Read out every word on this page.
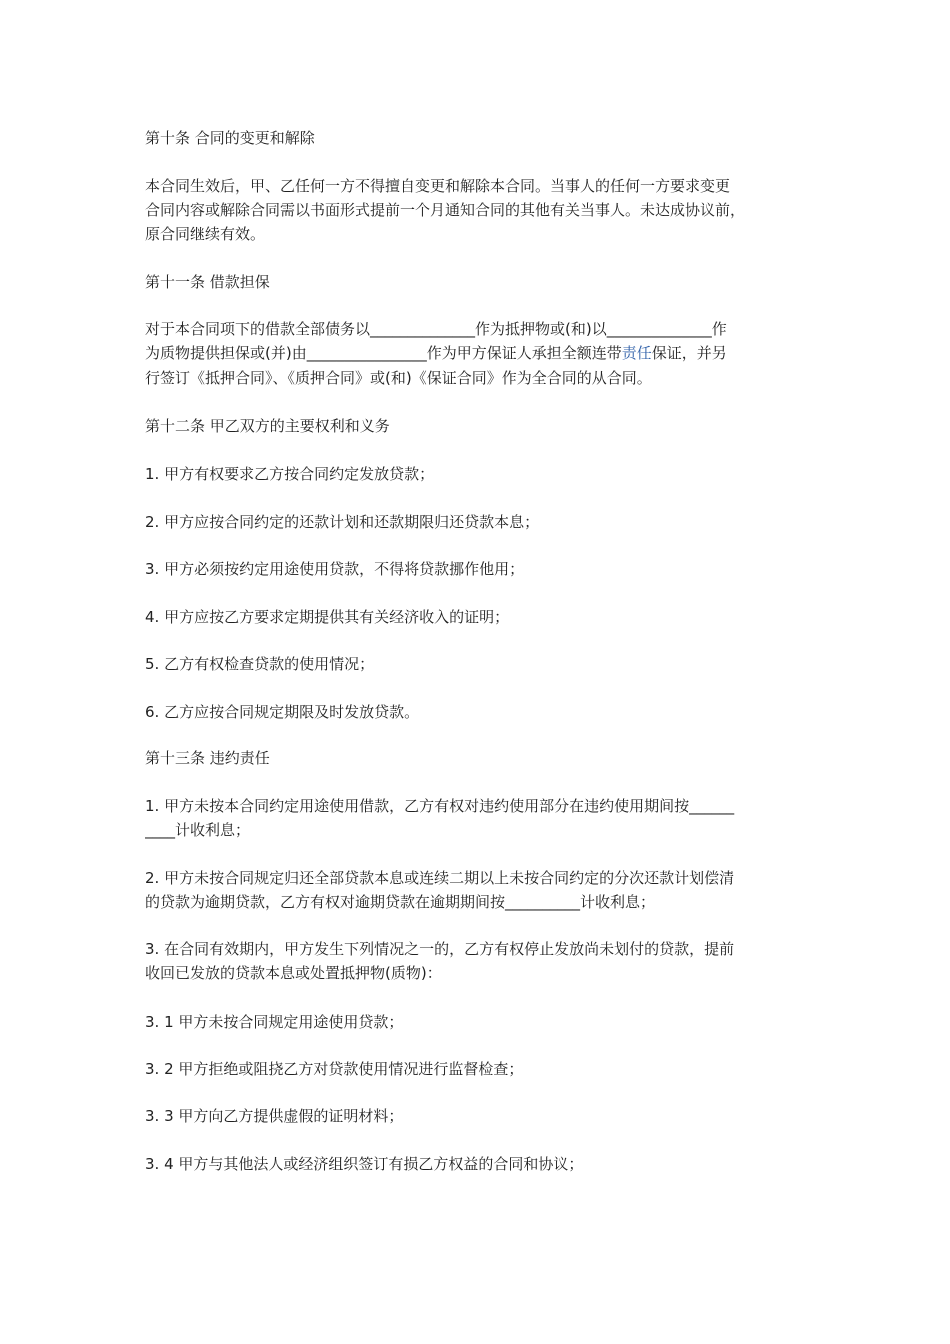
第十条 合同的变更和解除
本合同生效后，甲、乙任何一方不得擅自变更和解除本合同。当事人的任何一方要求变更
合同内容或解除合同需以书面形式提前一个月通知合同的其他有关当事人。未达成协议前，
原合同继续有效。
第十一条 借款担保
对于本合同项下的借款全部债务以______________作为抵押物或(和)以______________作
为质物提供担保或(并)由________________作为甲方保证人承担全额连带责任保证，并另
行签订《抵押合同》、《质押合同》或(和)《保证合同》作为全合同的从合同。
第十二条 甲乙双方的主要权利和义务
1. 甲方有权要求乙方按合同约定发放贷款；
2. 甲方应按合同约定的还款计划和还款期限归还贷款本息；
3. 甲方必须按约定用途使用贷款，不得将贷款挪作他用；
4. 甲方应按乙方要求定期提供其有关经济收入的证明；
5. 乙方有权检查贷款的使用情况；
6. 乙方应按合同规定期限及时发放贷款。
第十三条 违约责任
1. 甲方未按本合同约定用途使用借款，乙方有权对违约使用部分在违约使用期间按______
____计收利息；
2. 甲方未按合同规定归还全部贷款本息或连续二期以上未按合同约定的分次还款计划偿清
的贷款为逾期贷款，乙方有权对逾期贷款在逾期期间按__________计收利息；
3. 在合同有效期内，甲方发生下列情况之一的，乙方有权停止发放尚未划付的贷款，提前
收回已发放的贷款本息或处置抵押物(质物)：
3. 1 甲方未按合同规定用途使用贷款；
3. 2 甲方拒绝或阻挠乙方对贷款使用情况进行监督检查；
3. 3 甲方向乙方提供虚假的证明材料；
3. 4 甲方与其他法人或经济组织签订有损乙方权益的合同和协议；
